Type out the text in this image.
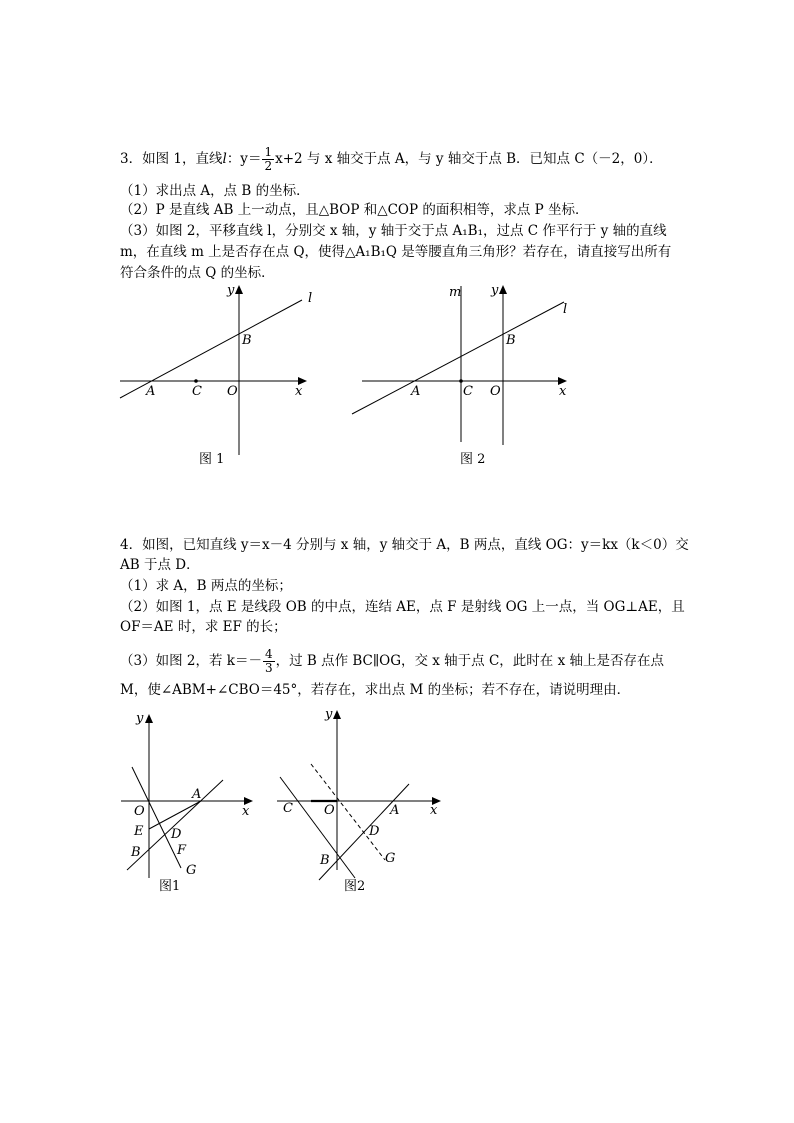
3．如图 1，直线l：$y= \frac{1}{2} x+2$ 与 x 轴交于点 A，与 y 轴交于点 B．已知点 C（－2，0）．
（1）求出点 A，点 B 的坐标．
（2）P 是直线 AB 上一动点，且△BOP 和△COP 的面积相等，求点 P 坐标．
（3）如图 2，平移直线 l，分别交 x 轴，y 轴于交于点 A₁B₁，过点 C 作平行于 y 轴的直线
m，在直线 m 上是否存在点 Q，使得△A₁B₁Q 是等腰直角三角形？若存在，请直接写出所有
符合条件的点 Q 的坐标．
y
l
B
A	C O	x
图 1
m y
l
B
A	C O	x
图 2
4．如图，已知直线 y＝x－4 分别与 x 轴，y 轴交于 A，B 两点，直线 OG：y＝kx（k＜0）交
AB 于点 D．
（1）求 A，B 两点的坐标；
（2）如图 1，点 E 是线段 OB 的中点，连结 AE，点 F 是射线 OG 上一点，当 OG⊥AE，且
OF＝AE 时，求 EF 的长；
（3）如图 2，若 $k=- \frac{4}{3}$ ，过 B 点作 BC∥OG，交 x 轴于点 C，此时在 x 轴上是否存在点
M，使∠ABM+∠CBO＝45°，若存在，求出点 M 的坐标；若不存在，请说明理由．
y
A
O	x
E D
B	F
G
图1
y
C O	A x
D
B	G
图2
